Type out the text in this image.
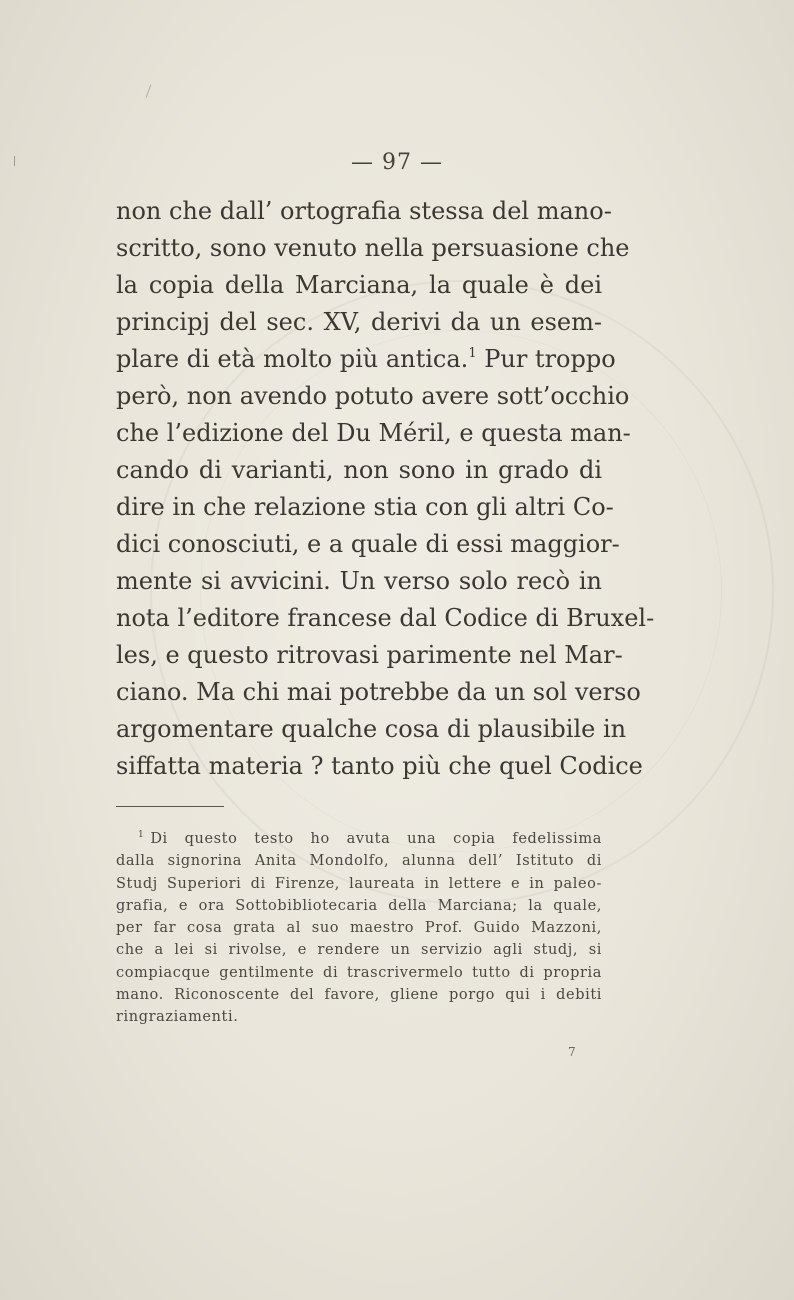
— 97 —
non che dall’ ortografia stessa del mano-
scritto, sono venuto nella persuasione che
la copia della Marciana, la quale è dei
principj del sec. XV, derivi da un esem-
plare di età molto più antica.$^1$ Pur troppo
però, non avendo potuto avere sott’occhio
che l’edizione del Du Méril, e questa man-
cando di varianti, non sono in grado di
dire in che relazione stia con gli altri Co-
dici conosciuti, e a quale di essi maggior-
mente si avvicini. Un verso solo recò in
nota l’editore francese dal Codice di Bruxel-
les, e questo ritrovasi parimente nel Mar-
ciano. Ma chi mai potrebbe da un sol verso
argomentare qualche cosa di plausibile in
siffatta materia ? tanto più che quel Codice
$^1$ Di questo testo ho avuta una copia fedelissima
dalla signorina Anita Mondolfo, alunna dell’ Istituto di
Studj Superiori di Firenze, laureata in lettere e in paleo-
grafia, e ora Sottobibliotecaria della Marciana; la quale,
per far cosa grata al suo maestro Prof. Guido Mazzoni,
che a lei si rivolse, e rendere un servizio agli studj, si
compiacque gentilmente di trascrivermelo tutto di propria
mano. Riconoscente del favore, gliene porgo qui i debiti
ringraziamenti.
7
